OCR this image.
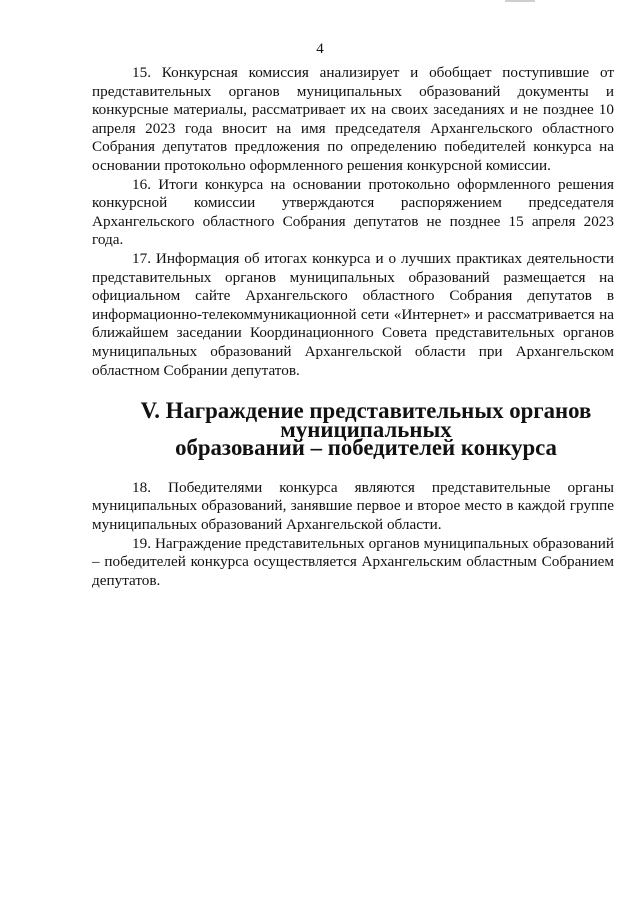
4

15. Конкурсная комиссия анализирует и обобщает поступившие от представительных органов муниципальных образований документы и конкурсные материалы, рассматривает их на своих заседаниях и не позднее 10 апреля 2023 года вносит на имя председателя Архангельского областного Собрания депутатов предложения по определению победителей конкурса на основании протокольно оформленного решения конкурсной комиссии.

16. Итоги конкурса на основании протокольно оформленного решения конкурсной комиссии утверждаются распоряжением председателя Архангельского областного Собрания депутатов не позднее 15 апреля 2023 года.

17. Информация об итогах конкурса и о лучших практиках деятельности представительных органов муниципальных образований размещается на официальном сайте Архангельского областного Собрания депутатов в информационно-телекоммуникационной сети «Интернет» и рассматривается на ближайшем заседании Координационного Совета представительных органов муниципальных образований Архангельской области при Архангельском областном Собрании депутатов.

V. Награждение представительных органов муниципальных
образований – победителей конкурса

18. Победителями конкурса являются представительные органы муниципальных образований, занявшие первое и второе место в каждой группе муниципальных образований Архангельской области.

19. Награждение представительных органов муниципальных образований – победителей конкурса осуществляется Архангельским областным Собранием депутатов.
